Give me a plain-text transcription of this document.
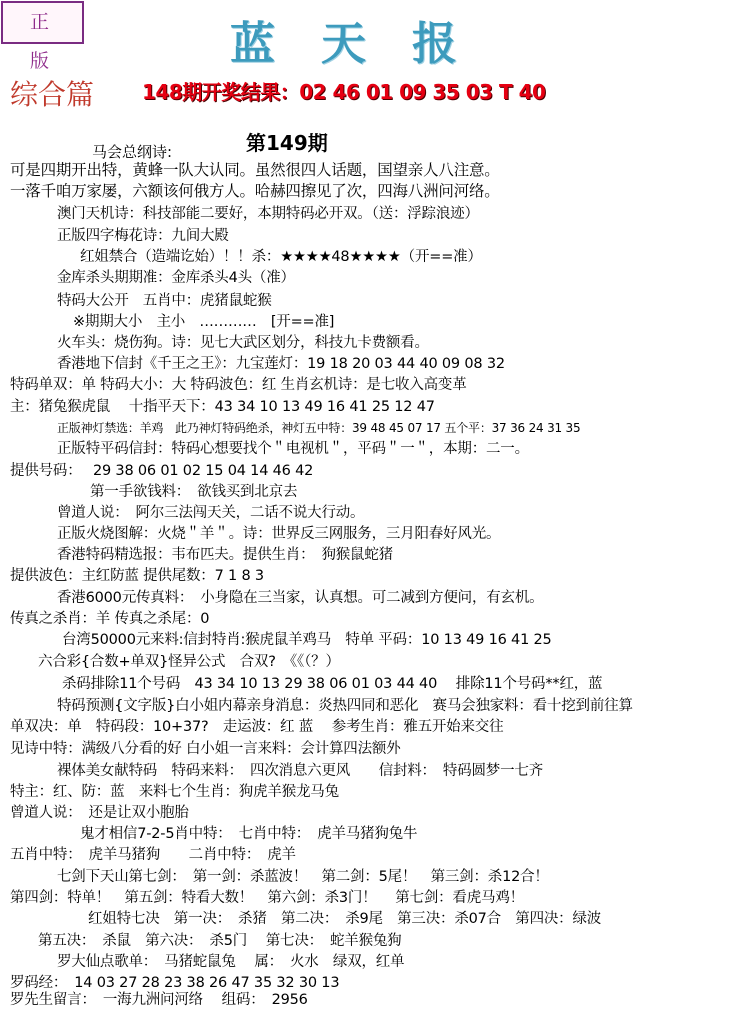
正 版	蓝天报
综合篇 148期开奖结果：02 46 01 09 35 03 T 40
马会总纲诗:	第149期
可是四期开出特，黄蜂一队大认同。虽然很四人话题，国望亲人八注意。
一落千咱万家屡，六额该何俄方人。哈赫四擦见了次，四海八洲问河络。
澳门天机诗：科技部能二要好，本期特码必开双。（送：浮踪浪迹）
正版四字梅花诗：九间大殿
红姐禁合（造端讫始）！！杀：★★★★48★★★★（开==准）
金库杀头期期准：金库杀头4头（准）
特码大公开　五肖中：虎猪鼠蛇猴
※期期大小　主小　…………　[开==准]
火车头：烧伤狗。诗：见七大武区划分，科技九卡费额看。
香港地下信封《千王之王》：九宝莲灯：19 18 20 03 44 40 09 08 32
特码单双：单 特码大小：大 特码波色：红 生肖玄机诗：是七收入高变革
主：猪兔猴虎鼠　 十指平天下：43 34 10 13 49 16 41 25 12 47
正版神灯禁选：羊鸡　此乃神灯特码绝杀，神灯五中特：39 48 45 07 17 五个平：37 36 24 31 35
正版特平码信封：特码心想要找个＂电视机＂，平码＂一＂，本期：二一。
提供号码：　 29 38 06 01 02 15 04 14 46 42
第一手欲钱料：　欲钱买到北京去
曾道人说：　阿尔三法闯天关，二话不说大行动。
正版火烧图解：火烧＂羊＂。诗：世界反三网服务，三月阳春好风光。
香港特码精选报：韦布匹夫。提供生肖：　狗猴鼠蛇猪
提供波色：主红防蓝 提供尾数：7 1 8 3
香港6000元传真料：　小身隐在三当家，认真想。可二减到方便问，有玄机。
传真之杀肖：羊 传真之杀尾：0
台湾50000元来料:信封特肖:猴虎鼠羊鸡马　特单 平码：10 13 49 16 41 25
六合彩{合数+单双}怪异公式　合双?　《《（？）
杀码排除11个号码　43 34 10 13 29 38 06 01 03 44 40　 排除11个号码**红，蓝
特码预测{文字版}白小姐内幕亲身消息：炎热四同和恶化　赛马会独家料：看十挖到前往算
单双决：单　特码段：10+37?　走运波：红 蓝　 参考生肖：雅五开始来交往
见诗中特：满级八分看的好 白小姐一言来料：会计算四法额外
裸体美女献特码　特码来料：　四次消息六更风　　信封料：　特码圆梦一七齐
特主：红、防：蓝　来料七个生肖：狗虎羊猴龙马兔
曾道人说：　还是让双小胞胎
鬼才相信7-2-5肖中特：　七肖中特：　虎羊马猪狗兔牛
五肖中特：　虎羊马猪狗　　二肖中特：　虎羊
七剑下天山第七剑：　第一剑：杀蓝波！　第二剑：5尾！　第三剑：杀12合！
第四剑：特单！　第五剑：特看大数！　第六剑：杀3门！　 第七剑：看虎马鸡！
红姐特七决　第一决：　杀猪　第二决：　杀9尾　第三决：杀07合　第四决：绿波
第五决：　杀鼠　第六决：　杀5门　 第七决：　蛇羊猴兔狗
罗大仙点歌单：　马猪蛇鼠兔　 属：　火水　绿双，红单
罗码经：　14 03 27 28 23 38 26 47 35 32 30 13
罗先生留言：　一海九洲问河络　 组码：　2956
